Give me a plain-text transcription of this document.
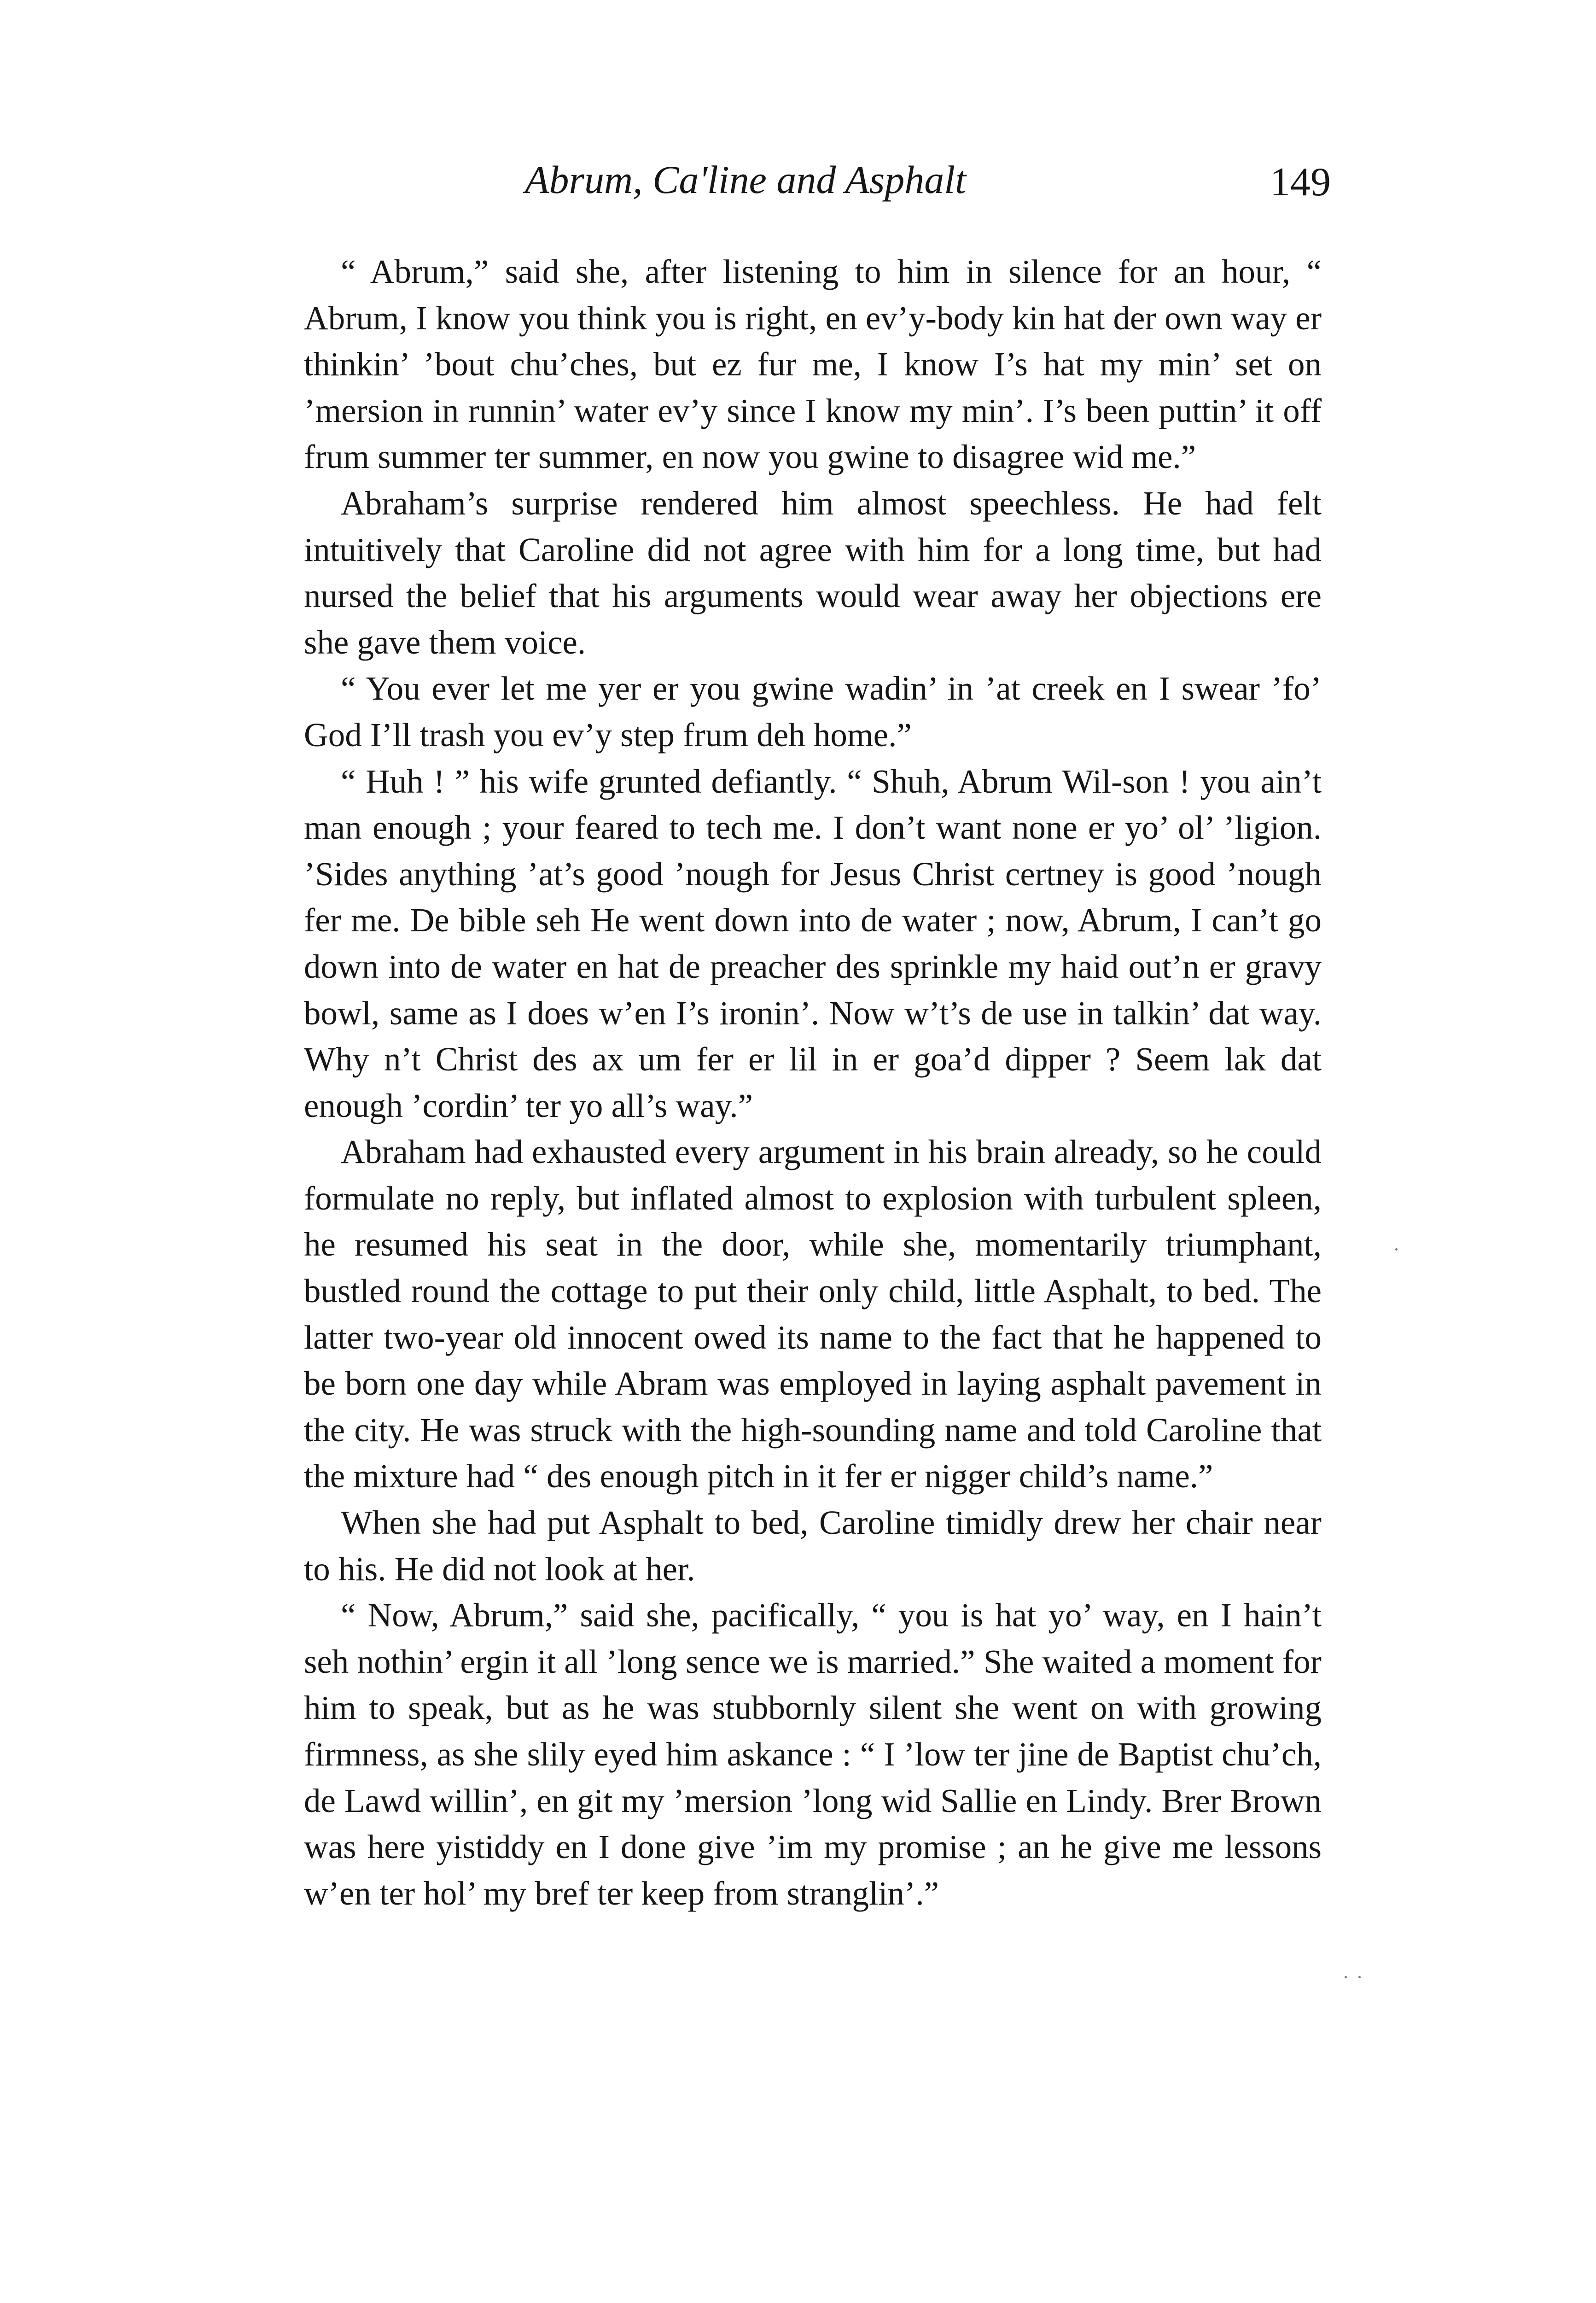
Abrum, Ca'line and Asphalt	149

“ Abrum,” said she, after listening to him in silence for an hour, “ Abrum, I know you think you is right, en ev’y-body kin hat der own way er thinkin’ ’bout chu’ches, but ez fur me, I know I’s hat my min’ set on ’mersion in runnin’ water ev’y since I know my min’. I’s been puttin’ it off frum summer ter summer, en now you gwine to disagree wid me.”

Abraham’s surprise rendered him almost speechless. He had felt intuitively that Caroline did not agree with him for a long time, but had nursed the belief that his arguments would wear away her objections ere she gave them voice.

“ You ever let me yer er you gwine wadin’ in ’at creek en I swear ’fo’ God I’ll trash you ev’y step frum deh home.”

“ Huh ! ” his wife grunted defiantly. “ Shuh, Abrum Wil-son ! you ain’t man enough ; your feared to tech me. I don’t want none er yo’ ol’ ’ligion. ’Sides anything ’at’s good ’nough for Jesus Christ certney is good ’nough fer me. De bible seh He went down into de water ; now, Abrum, I can’t go down into de water en hat de preacher des sprinkle my haid out’n er gravy bowl, same as I does w’en I’s ironin’. Now w’t’s de use in talkin’ dat way. Why n’t Christ des ax um fer er lil in er goa’d dipper ? Seem lak dat enough ’cordin’ ter yo all’s way.”

Abraham had exhausted every argument in his brain already, so he could formulate no reply, but inflated almost to explosion with turbulent spleen, he resumed his seat in the door, while she, momentarily triumphant, bustled round the cottage to put their only child, little Asphalt, to bed. The latter two-year old innocent owed its name to the fact that he happened to be born one day while Abram was employed in laying asphalt pavement in the city. He was struck with the high-sounding name and told Caroline that the mixture had “ des enough pitch in it fer er nigger child’s name.”

When she had put Asphalt to bed, Caroline timidly drew her chair near to his. He did not look at her.

“ Now, Abrum,” said she, pacifically, “ you is hat yo’ way, en I hain’t seh nothin’ ergin it all ’long sence we is married.” She waited a moment for him to speak, but as he was stubbornly silent she went on with growing firmness, as she slily eyed him askance : “ I ’low ter jine de Baptist chu’ch, de Lawd willin’, en git my ’mersion ’long wid Sallie en Lindy. Brer Brown was here yistiddy en I done give ’im my promise ; an he give me lessons w’en ter hol’ my bref ter keep from stranglin’.”
